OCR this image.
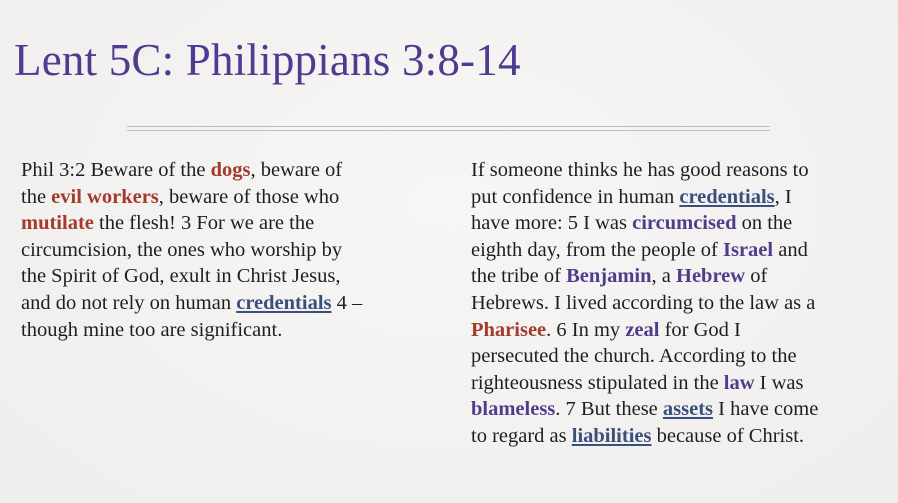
Lent 5C: Philippians 3:8-14
Phil 3:2 Beware of the dogs, beware of
the evil workers, beware of those who
mutilate the flesh! 3 For we are the
circumcision, the ones who worship by
the Spirit of God, exult in Christ Jesus,
and do not rely on human credentials 4 –
though mine too are significant.
If someone thinks he has good reasons to
put confidence in human credentials, I
have more: 5 I was circumcised on the
eighth day, from the people of Israel and
the tribe of Benjamin, a Hebrew of
Hebrews. I lived according to the law as a
Pharisee. 6 In my zeal for God I
persecuted the church. According to the
righteousness stipulated in the law I was
blameless. 7 But these assets I have come
to regard as liabilities because of Christ.
